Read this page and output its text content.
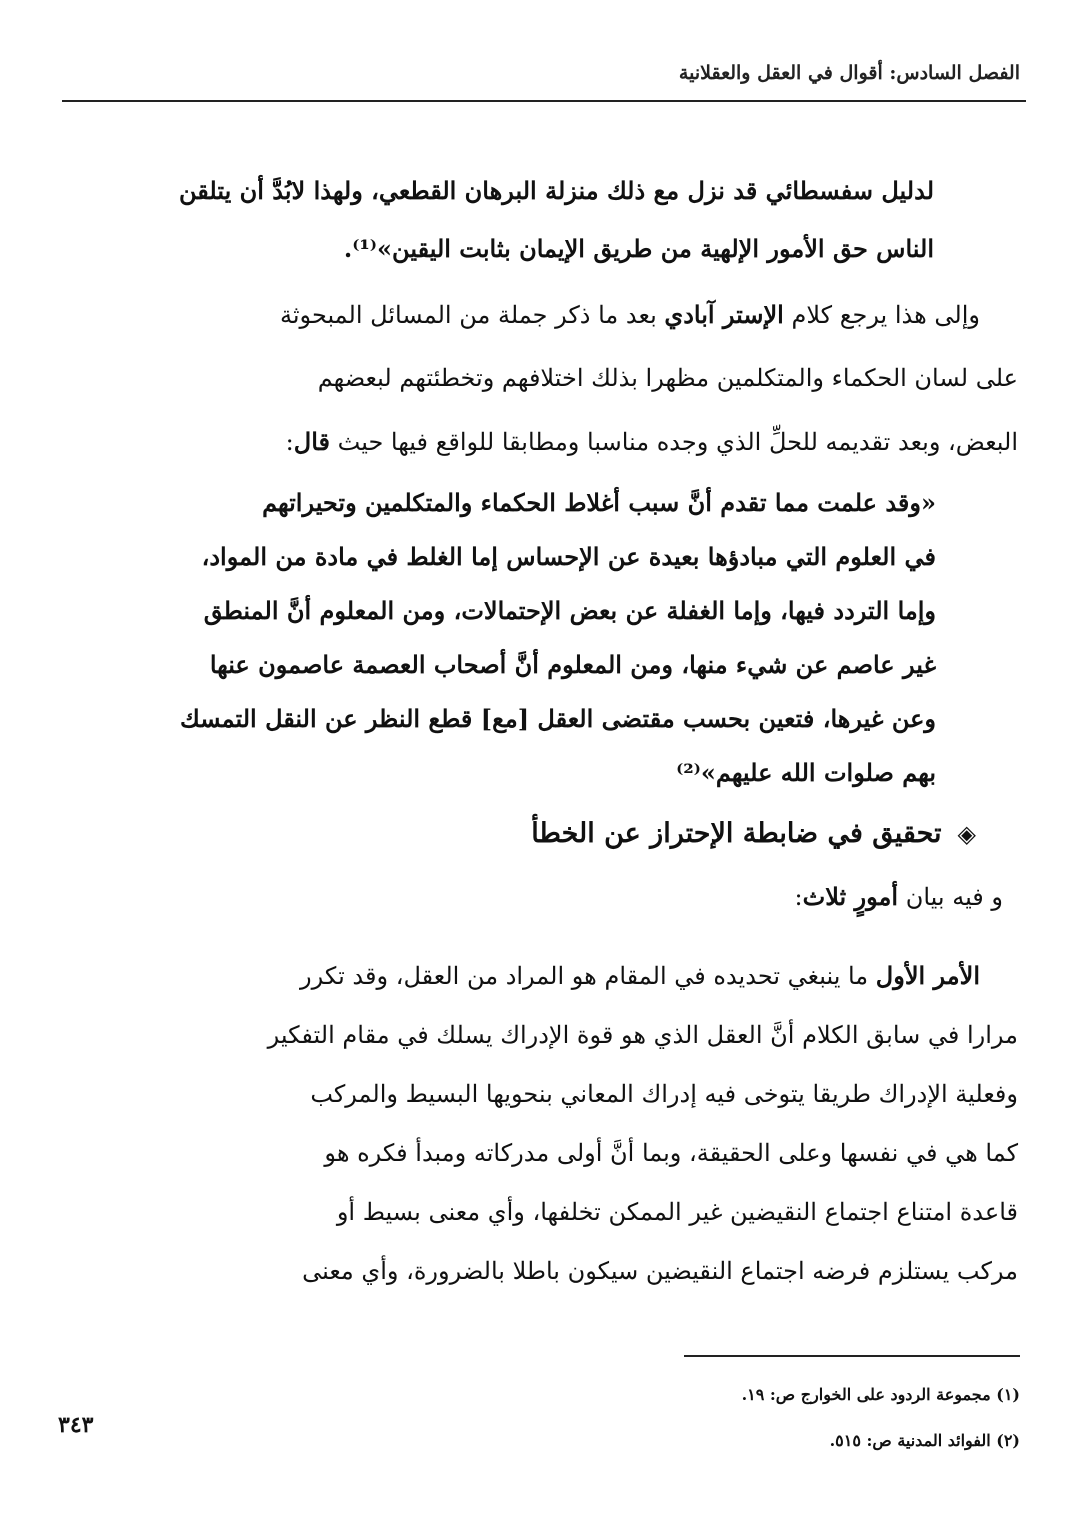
الفصل السادس: أقوال في العقل والعقلانية

لدليل سفسطائي قد نزل مع ذلك منزلة البرهان القطعي، ولهذا لابُدَّ أن يتلقن

الناس حق الأمور الإلهية من طريق الإيمان بثابت اليقين»⁽¹⁾.

وإلى هذا يرجع كلام الإستر آبادي بعد ما ذكر جملة من المسائل المبحوثة

على لسان الحكماء والمتكلمين مظهرا بذلك اختلافهم وتخطئتهم لبعضهم

البعض، وبعد تقديمه للحلِّ الذي وجده مناسبا ومطابقا للواقع فيها حيث قال:

«وقد علمت مما تقدم أنَّ سبب أغلاط الحكماء والمتكلمين وتحيراتهم

في العلوم التي مبادؤها بعيدة عن الإحساس إما الغلط في مادة من المواد،

وإما التردد فيها، وإما الغفلة عن بعض الإحتمالات، ومن المعلوم أنَّ المنطق

غير عاصم عن شيء منها، ومن المعلوم أنَّ أصحاب العصمة عاصمون عنها

وعن غيرها، فتعين بحسب مقتضى العقل [مع] قطع النظر عن النقل التمسك

بهم صلوات الله عليهم»⁽²⁾

◈تحقيق في ضابطة الإحتراز عن الخطأ
و فيه بيان أمورٍ ثلاث:

الأمر الأول ما ينبغي تحديده في المقام هو المراد من العقل، وقد تكرر

مرارا في سابق الكلام أنَّ العقل الذي هو قوة الإدراك يسلك في مقام التفكير

وفعلية الإدراك طريقا يتوخى فيه إدراك المعاني بنحويها البسيط والمركب

كما هي في نفسها وعلى الحقيقة، وبما أنَّ أولى مدركاته ومبدأ فكره هو

قاعدة امتناع اجتماع النقيضين غير الممكن تخلفها، وأي معنى بسيط أو

مركب يستلزم فرضه اجتماع النقيضين سيكون باطلا بالضرورة، وأي معنى

(١) مجموعة الردود على الخوارج ص: ١٩.

(٢) الفوائد المدنية ص: ٥١٥.

٣٤٣
